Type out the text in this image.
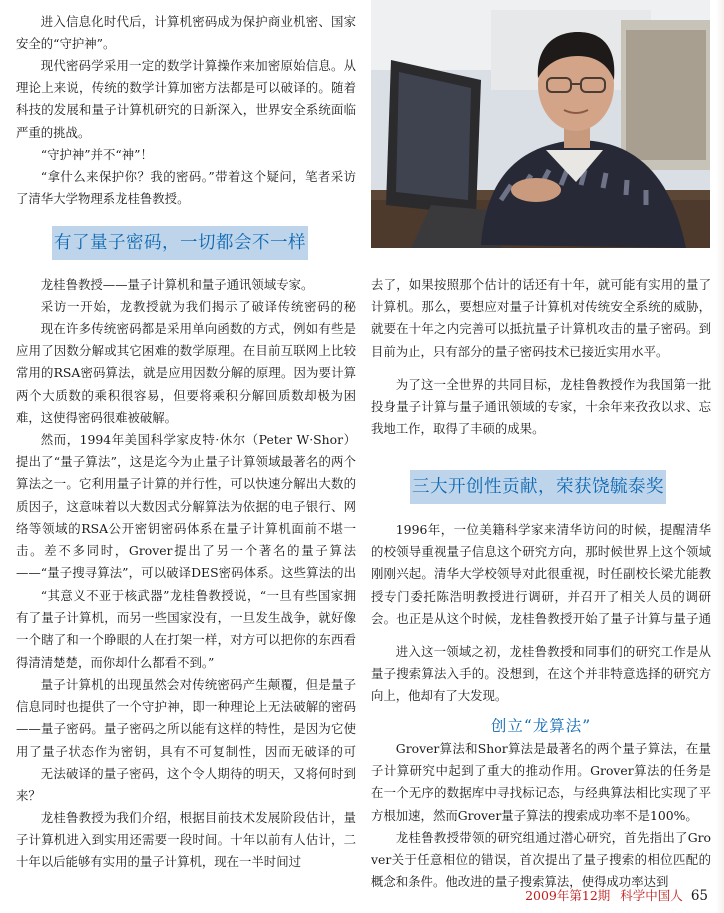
进入信息化时代后，计算机密码成为保护商业机密、国家安全的“守护神”。

现代密码学采用一定的数学计算操作来加密原始信息。从理论上来说，传统的数学计算加密方法都是可以破译的。随着科技的发展和量子计算机研究的日新深入，世界安全系统面临严重的挑战。

“守护神”并不“神”！

“拿什么来保护你？我的密码。”带着这个疑问，笔者采访了清华大学物理系龙桂鲁教授。

有了量子密码，一切都会不一样

龙桂鲁教授——量子计算机和量子通讯领域专家。

采访一开始，龙教授就为我们揭示了破译传统密码的秘

现在许多传统密码都是采用单向函数的方式，例如有些是应用了因数分解或其它困难的数学原理。在目前互联网上比较常用的RSA密码算法，就是应用因数分解的原理。因为要计算两个大质数的乘积很容易，但要将乘积分解回质数却极为困难，这使得密码很难被破解。

然而，1994年美国科学家皮特·休尔（Peter W·Shor）提出了“量子算法”，这是迄今为止量子计算领域最著名的两个算法之一。它利用量子计算的并行性，可以快速分解出大数的质因子，这意味着以大数因式分解算法为依据的电子银行、网络等领域的RSA公开密钥密码体系在量子计算机面前不堪一击。差不多同时，Grover提出了另一个著名的量子算法——“量子搜寻算法”，可以破译DES密码体系。这些算法的出

“其意义不亚于核武器”龙桂鲁教授说，“一旦有些国家拥有了量子计算机，而另一些国家没有，一旦发生战争，就好像一个瞎了和一个睁眼的人在打架一样，对方可以把你的东西看得清清楚楚，而你却什么都看不到。”

量子计算机的出现虽然会对传统密码产生颠覆，但是量子信息同时也提供了一个守护神，即一种理论上无法破解的密码——量子密码。量子密码之所以能有这样的特性，是因为它使用了量子状态作为密钥，具有不可复制性，因而无破译的可

无法破译的量子密码，这个令人期待的明天，又将何时到来？

龙桂鲁教授为我们介绍，根据目前技术发展阶段估计，量子计算机进入到实用还需要一段时间。十年以前有人估计，二十年以后能够有实用的量子计算机，现在一半时间过

去了，如果按照那个估计的话还有十年，就可能有实用的量了计算机。那么，要想应对量子计算机对传统安全系统的威胁，就要在十年之内完善可以抵抗量子计算机攻击的量子密码。到目前为止，只有部分的量子密码技术已接近实用水平。

为了这一全世界的共同目标，龙桂鲁教授作为我国第一批投身量子计算与量子通讯领域的专家，十余年来孜孜以求、忘我地工作，取得了丰硕的成果。

三大开创性贡献，荣获饶毓泰奖

1996年，一位美籍科学家来清华访问的时候，提醒清华的校领导重视量子信息这个研究方向，那时候世界上这个领域刚刚兴起。清华大学校领导对此很重视，时任副校长梁尤能教授专门委托陈浩明教授进行调研，并召开了相关人员的调研会。也正是从这个时候，龙桂鲁教授开始了量子计算与量子通

进入这一领域之初，龙桂鲁教授和同事们的研究工作是从量子搜索算法入手的。没想到，在这个并非特意选择的研究方向上，他却有了大发现。

创立“龙算法”

Grover算法和Shor算法是最著名的两个量子算法，在量子计算研究中起到了重大的推动作用。Grover算法的任务是在一个无序的数据库中寻找标记态，与经典算法相比实现了平方根加速，然而Grover量子算法的搜索成功率不是100%。

龙桂鲁教授带领的研究组通过潜心研究，首先指出了Grover关于任意相位的错误，首次提出了量子搜索的相位匹配的概念和条件。他改进的量子搜索算法，使得成功率达到

2009年第12期 科学中国人 65
